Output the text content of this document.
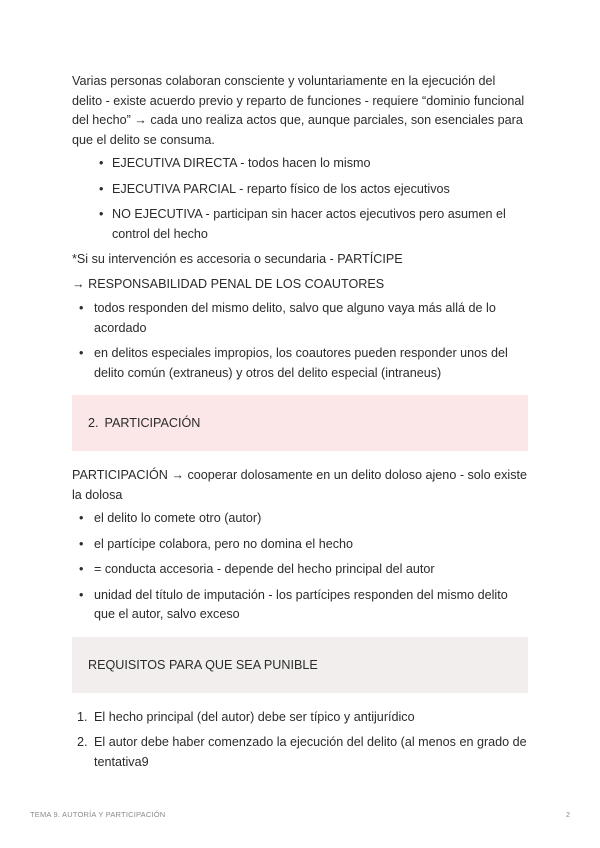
Varias personas colaboran consciente y voluntariamente en la ejecución del delito - existe acuerdo previo y reparto de funciones - requiere “dominio funcional del hecho” → cada uno realiza actos que, aunque parciales, son esenciales para que el delito se consuma.

• EJECUTIVA DIRECTA - todos hacen lo mismo
• EJECUTIVA PARCIAL - reparto físico de los actos ejecutivos
• NO EJECUTIVA - participan sin hacer actos ejecutivos pero asumen el control del hecho

*Si su intervención es accesoria o secundaria - PARTÍCIPE

→ RESPONSABILIDAD PENAL DE LOS COAUTORES

• todos responden del mismo delito, salvo que alguno vaya más allá de lo acordado
• en delitos especiales impropios, los coautores pueden responder unos del delito común (extraneus) y otros del delito especial (intraneus)
2. PARTICIPACIÓN

PARTICIPACIÓN → cooperar dolosamente en un delito doloso ajeno - solo existe la dolosa

• el delito lo comete otro (autor)
• el partícipe colabora, pero no domina el hecho
• = conducta accesoria - depende del hecho principal del autor
• unidad del título de imputación - los partícipes responden del mismo delito que el autor, salvo exceso
REQUISITOS PARA QUE SEA PUNIBLE
1. El hecho principal (del autor) debe ser típico y antijurídico
2. El autor debe haber comenzado la ejecución del delito (al menos en grado de tentativa9
TEMA 9. AUTORÍA Y PARTICIPACIÓN	2
